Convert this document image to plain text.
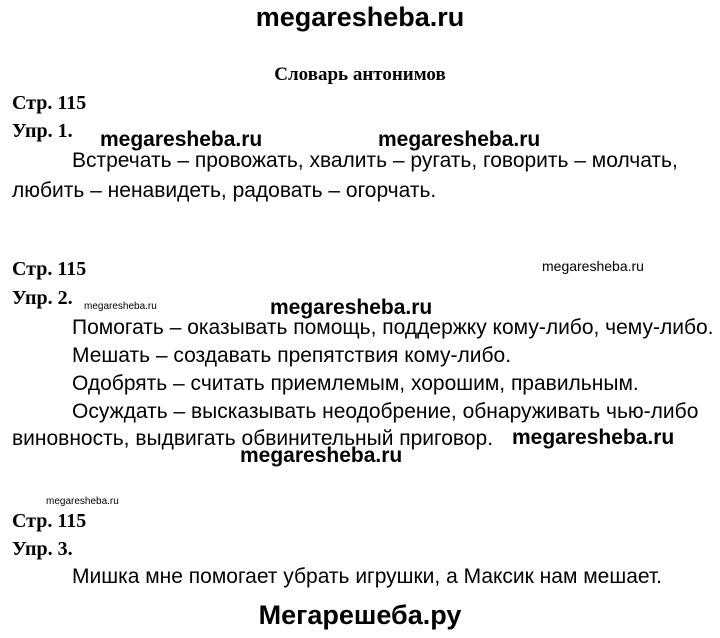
megaresheba.ru
Словарь антонимов
Стр. 115
Упр. 1.
Встречать – провожать, хвалить – ругать, говорить – молчать,
любить – ненавидеть, радовать – огорчать.
Стр. 115
Упр. 2.
Помогать – оказывать помощь, поддержку кому-либо, чему-либо.
Мешать – создавать препятствия кому-либо.
Одобрять – считать приемлемым, хорошим, правильным.
Осуждать – высказывать неодобрение, обнаруживать чью-либо
виновность, выдвигать обвинительный приговор.
Стр. 115
Упр. 3.
Мишка мне помогает убрать игрушки, а Максик нам мешает.
megaresheba.ru	megaresheba.ru
megaresheba.ru
megaresheba.ru	megaresheba.ru
megaresheba.ru
megaresheba.ru
megaresheba.ru
Мегарешеба.ру
